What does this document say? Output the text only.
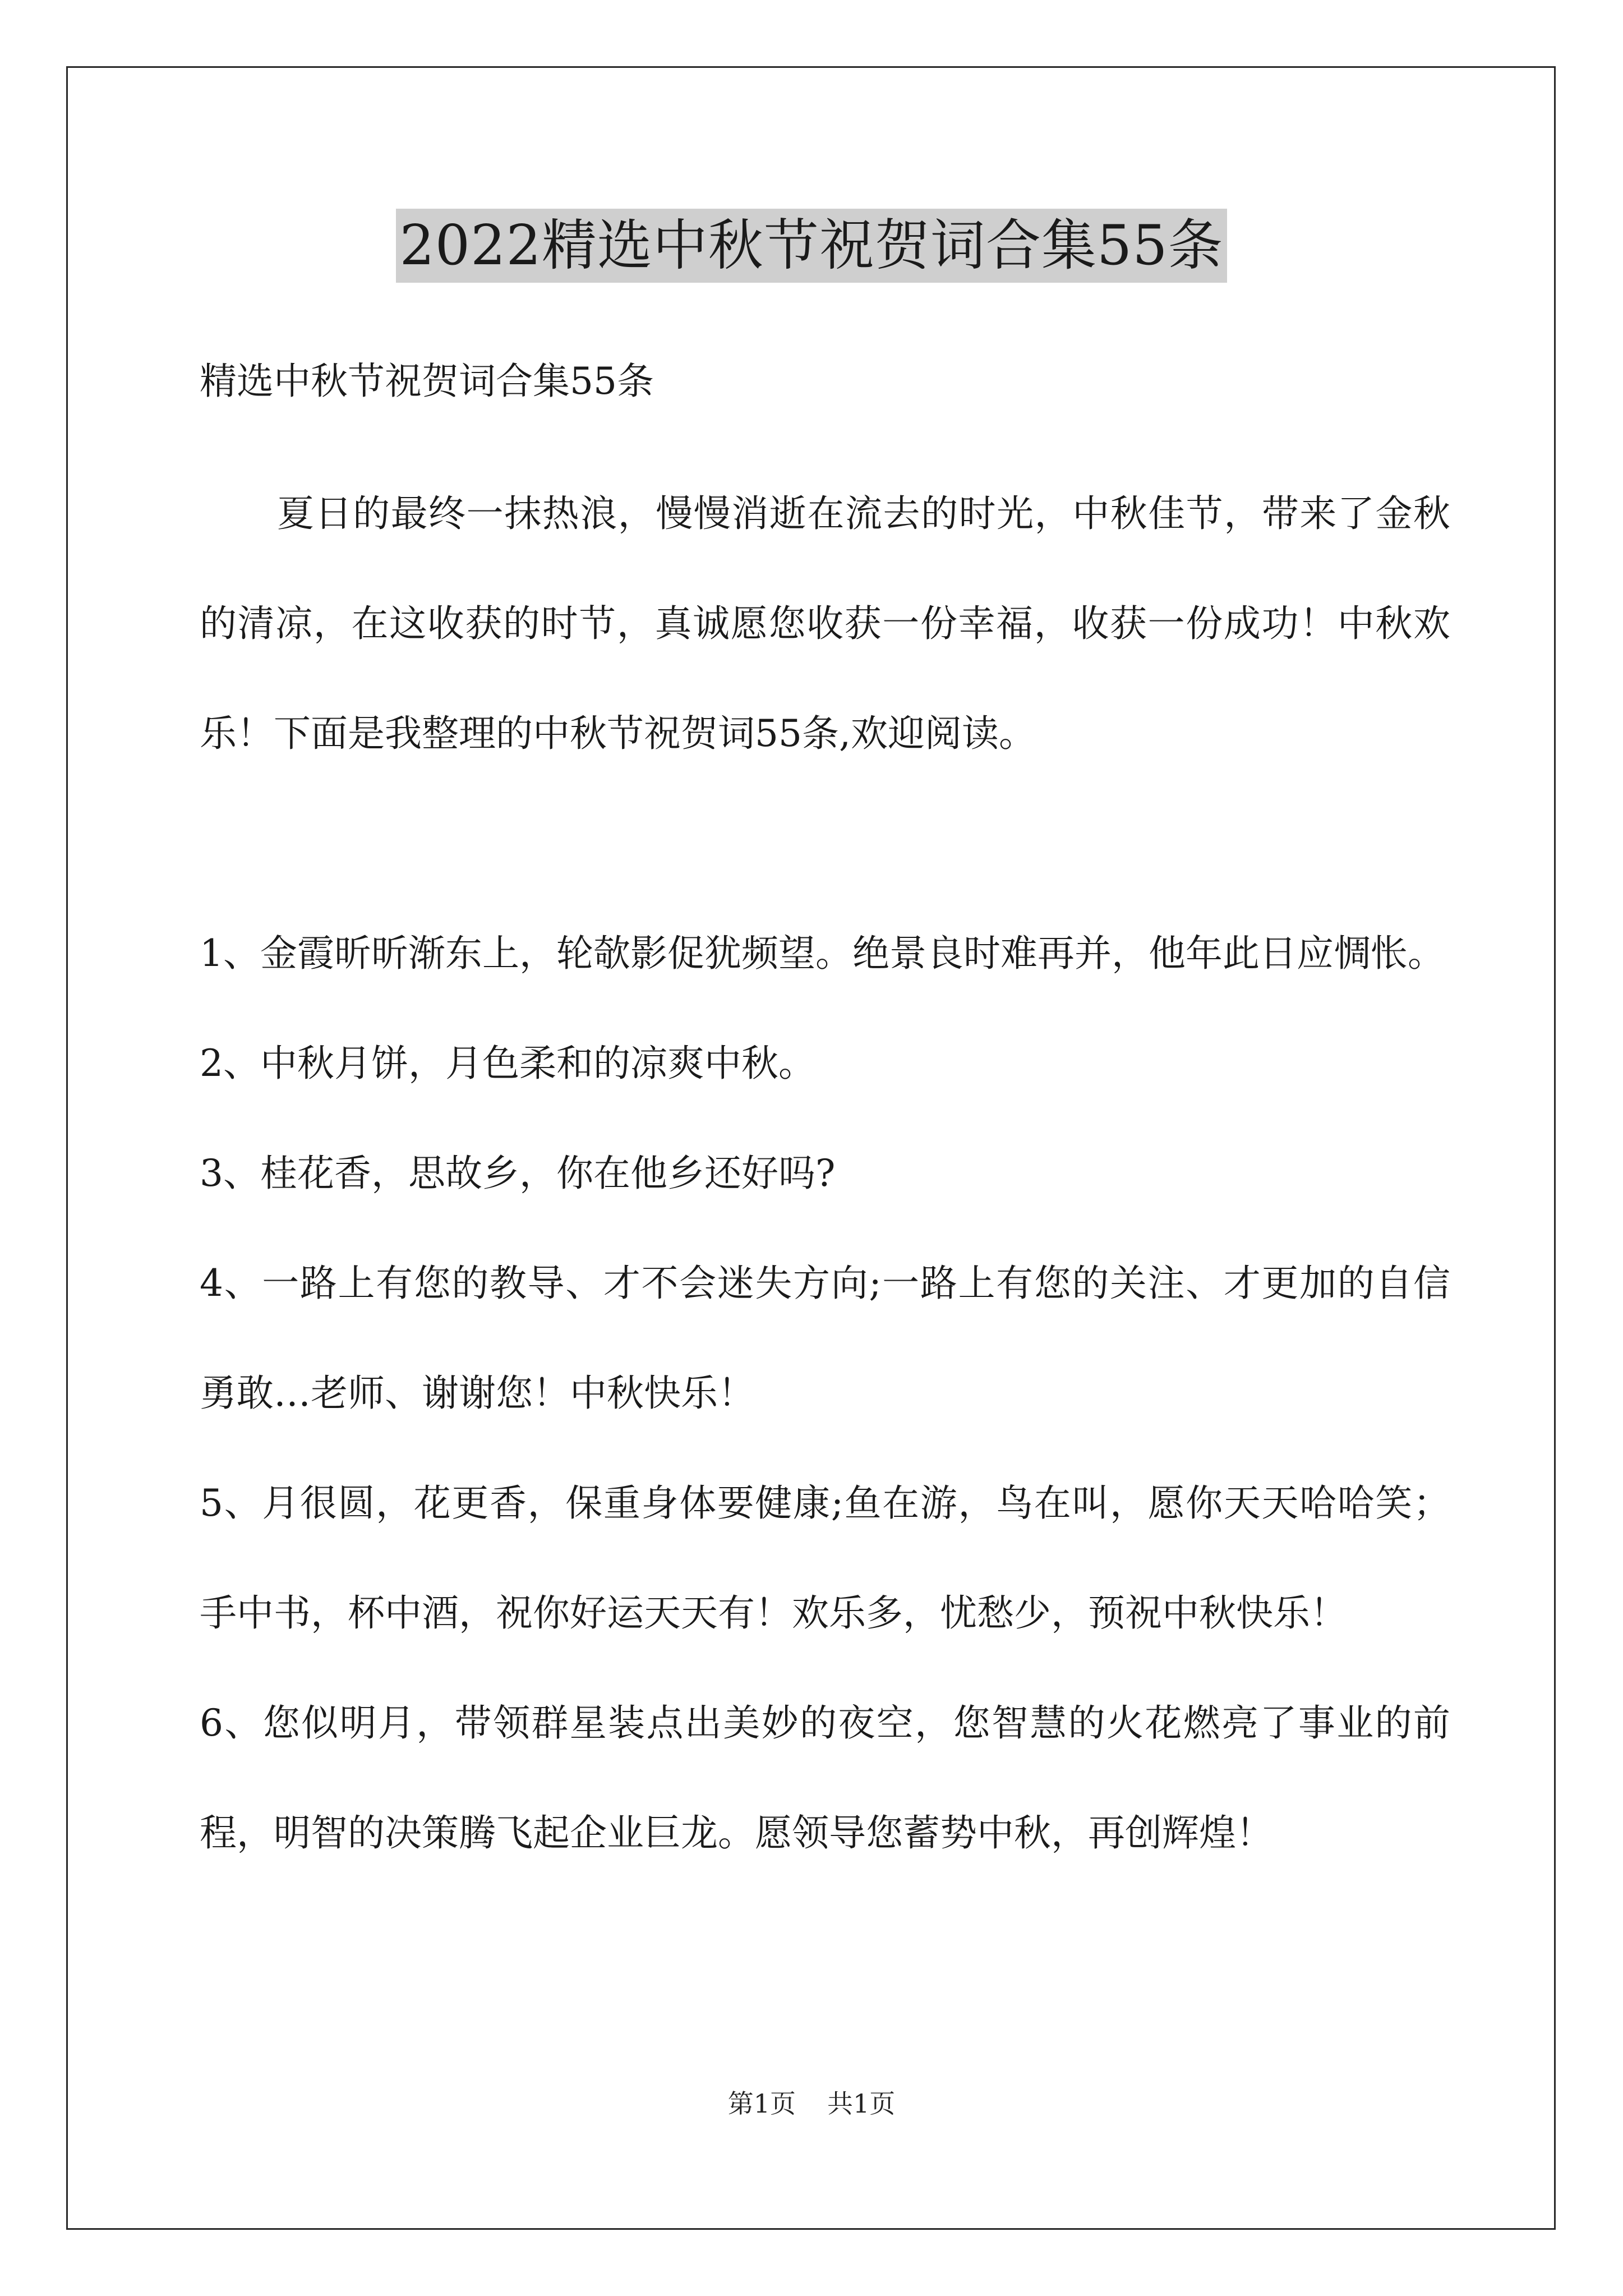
2022精选中秋节祝贺词合集55条

精选中秋节祝贺词合集55条

夏日的最终一抹热浪，慢慢消逝在流去的时光，中秋佳节，带来了金秋的清凉，在这收获的时节，真诚愿您收获一份幸福，收获一份成功！中秋欢乐！下面是我整理的中秋节祝贺词55条,欢迎阅读。

1、金霞昕昕渐东上，轮欹影促犹频望。绝景良时难再并，他年此日应惆怅。
2、中秋月饼，月色柔和的凉爽中秋。
3、桂花香，思故乡，你在他乡还好吗?
4、一路上有您的教导、才不会迷失方向;一路上有您的关注、才更加的自信勇敢…老师、谢谢您！中秋快乐！
5、月很圆，花更香，保重身体要健康;鱼在游，鸟在叫，愿你天天哈哈笑；手中书，杯中酒，祝你好运天天有！欢乐多，忧愁少，预祝中秋快乐！
6、您似明月，带领群星装点出美妙的夜空，您智慧的火花燃亮了事业的前程，明智的决策腾飞起企业巨龙。愿领导您蓄势中秋，再创辉煌！
第1页 共1页
